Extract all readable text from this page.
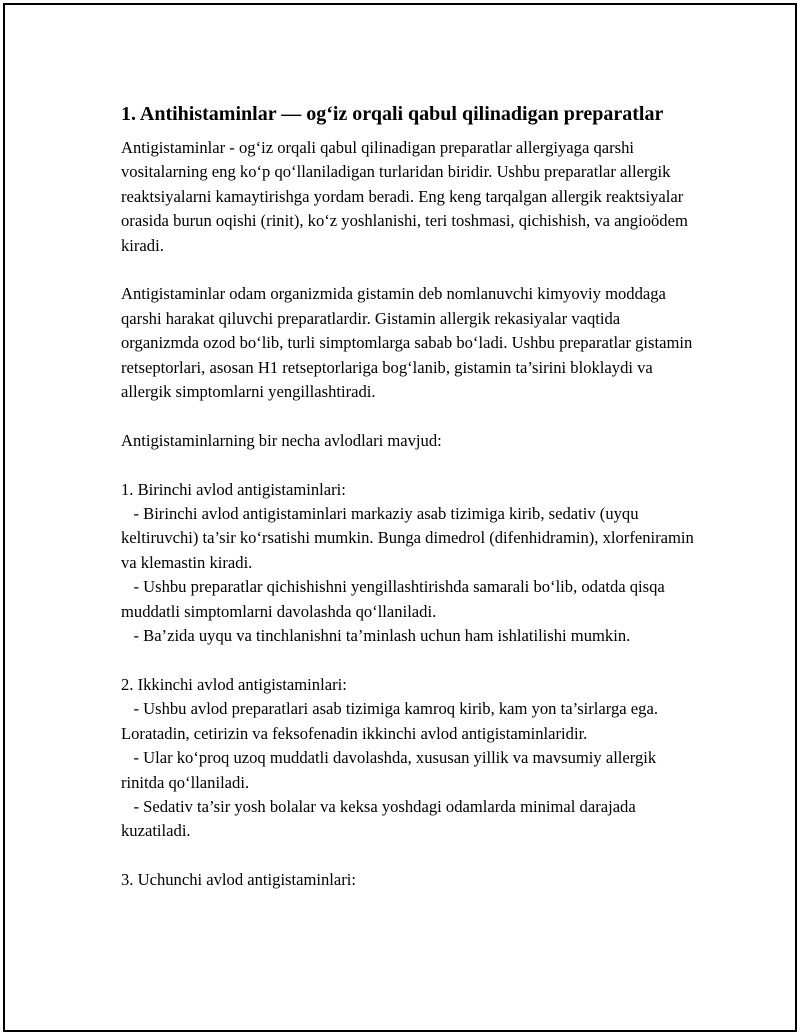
1. Antihistaminlar — og‘iz orqali qabul qilinadigan preparatlar

Antigistaminlar - og‘iz orqali qabul qilinadigan preparatlar allergiyaga qarshi vositalarning eng ko‘p qo‘llaniladigan turlaridan biridir. Ushbu preparatlar allergik reaktsiyalarni kamaytirishga yordam beradi. Eng keng tarqalgan allergik reaktsiyalar orasida burun oqishi (rinit), ko‘z yoshlanishi, teri toshmasi, qichishish, va angioödem kiradi.

Antigistaminlar odam organizmida gistamin deb nomlanuvchi kimyoviy moddaga qarshi harakat qiluvchi preparatlardir. Gistamin allergik rekasiyalar vaqtida organizmda ozod bo‘lib, turli simptomlarga sabab bo‘ladi. Ushbu preparatlar gistamin retseptorlari, asosan H1 retseptorlariga bog‘lanib, gistamin ta’sirini bloklaydi va allergik simptomlarni yengillashtiradi.

Antigistaminlarning bir necha avlodlari mavjud:

1. Birinchi avlod antigistaminlari:
- Birinchi avlod antigistaminlari markaziy asab tizimiga kirib, sedativ (uyqu keltiruvchi) ta’sir ko‘rsatishi mumkin. Bunga dimedrol (difenhidramin), xlorfeniramin va klemastin kiradi.
- Ushbu preparatlar qichishishni yengillashtirishda samarali bo‘lib, odatda qisqa muddatli simptomlarni davolashda qo‘llaniladi.
- Ba’zida uyqu va tinchlanishni ta’minlash uchun ham ishlatilishi mumkin.

2. Ikkinchi avlod antigistaminlari:
- Ushbu avlod preparatlari asab tizimiga kamroq kirib, kam yon ta’sirlarga ega. Loratadin, cetirizin va feksofenadin ikkinchi avlod antigistaminlaridir.
- Ular ko‘proq uzoq muddatli davolashda, xususan yillik va mavsumiy allergik rinitda qo‘llaniladi.
- Sedativ ta’sir yosh bolalar va keksa yoshdagi odamlarda minimal darajada kuzatiladi.

3. Uchunchi avlod antigistaminlari:
